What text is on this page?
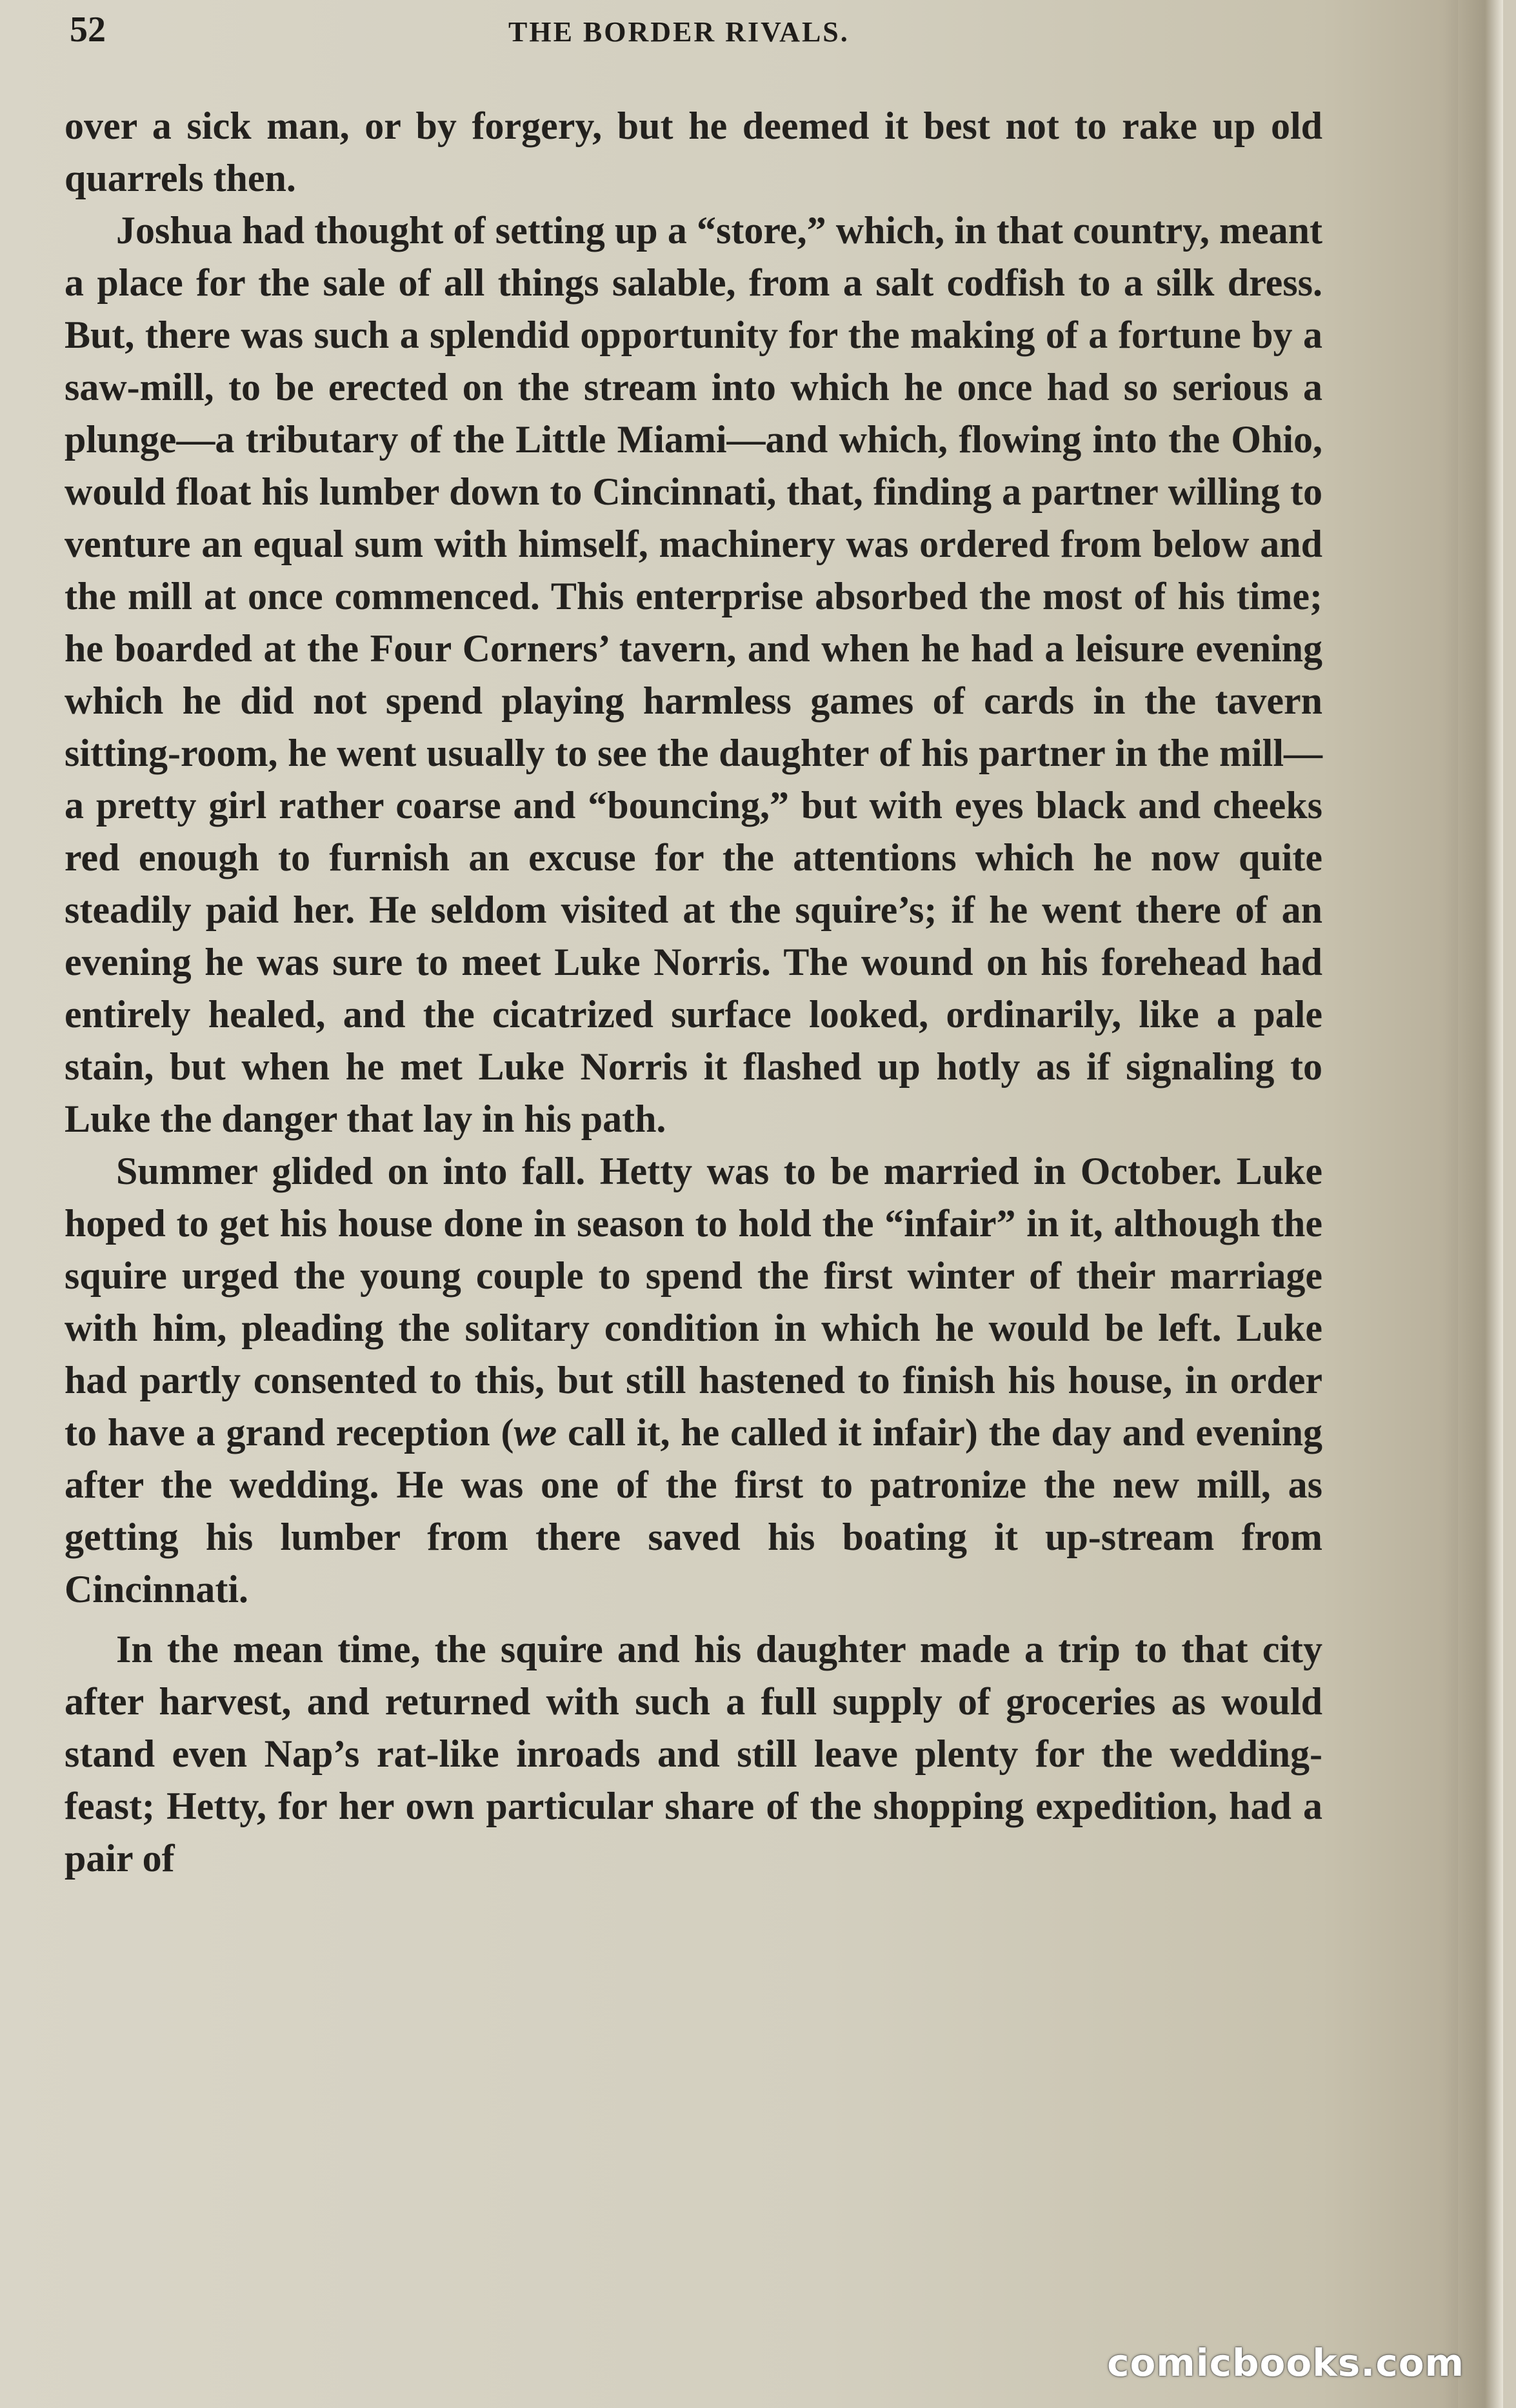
52	THE BORDER RIVALS.

over a sick man, or by forgery, but he deemed it best not to rake up old quarrels then.

Joshua had thought of setting up a “store,” which, in that country, meant a place for the sale of all things salable, from a salt codfish to a silk dress. But, there was such a splendid opportunity for the making of a fortune by a saw-mill, to be erected on the stream into which he once had so serious a plunge—a tributary of the Little Miami—and which, flowing into the Ohio, would float his lumber down to Cincinnati, that, finding a partner willing to venture an equal sum with himself, machinery was ordered from below and the mill at once commenced. This enterprise absorbed the most of his time; he boarded at the Four Corners’ tavern, and when he had a leisure evening which he did not spend playing harmless games of cards in the tavern sitting-room, he went usually to see the daughter of his partner in the mill—a pretty girl rather coarse and “bouncing,” but with eyes black and cheeks red enough to furnish an excuse for the attentions which he now quite steadily paid her. He seldom visited at the squire’s; if he went there of an evening he was sure to meet Luke Norris. The wound on his forehead had entirely healed, and the cicatrized surface looked, ordinarily, like a pale stain, but when he met Luke Norris it flashed up hotly as if signaling to Luke the danger that lay in his path.

Summer glided on into fall. Hetty was to be married in October. Luke hoped to get his house done in season to hold the “infair” in it, although the squire urged the young couple to spend the first winter of their marriage with him, pleading the solitary condition in which he would be left. Luke had partly consented to this, but still hastened to finish his house, in order to have a grand reception (we call it, he called it infair) the day and evening after the wedding. He was one of the first to patronize the new mill, as getting his lumber from there saved his boating it up-stream from Cincinnati.

In the mean time, the squire and his daughter made a trip to that city after harvest, and returned with such a full supply of groceries as would stand even Nap’s rat-like inroads and still leave plenty for the wedding-feast; Hetty, for her own particular share of the shopping expedition, had a pair of

comicbooks.com
